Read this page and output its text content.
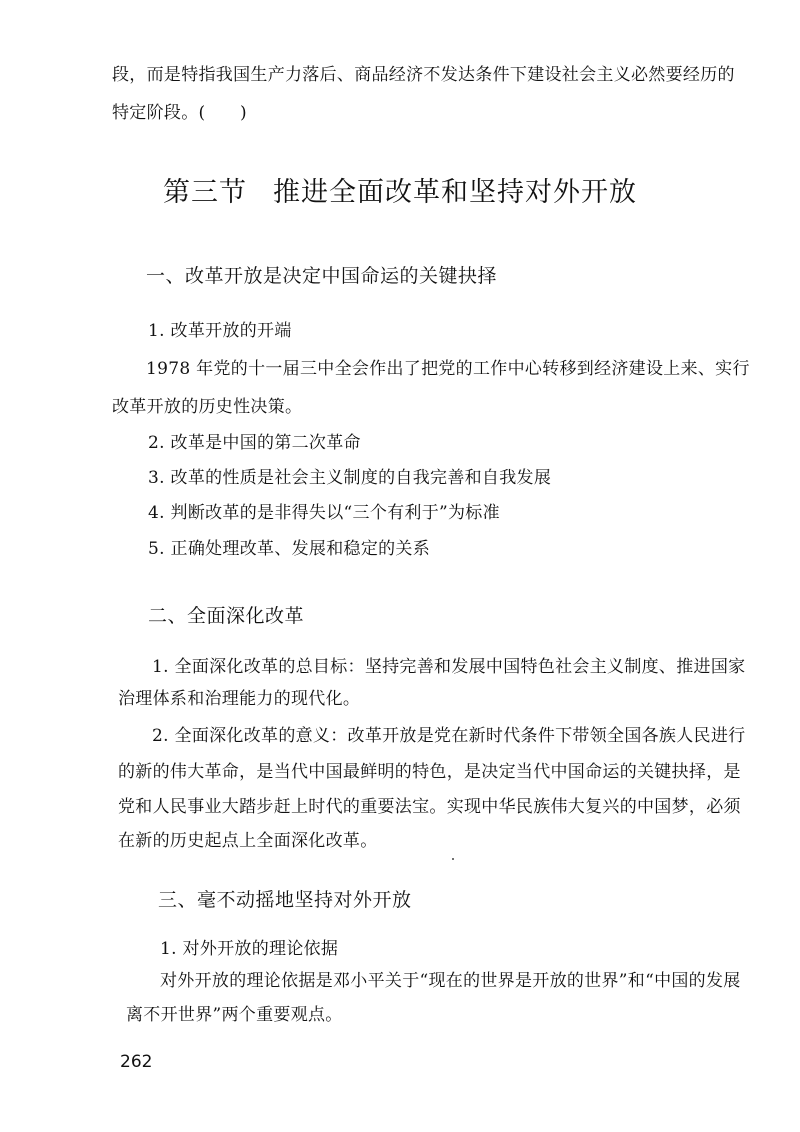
段，而是特指我国生产力落后、商品经济不发达条件下建设社会主义必然要经历的
特定阶段。(　　)
第三节 推进全面改革和坚持对外开放
一、改革开放是决定中国命运的关键抉择
1. 改革开放的开端
1978 年党的十一届三中全会作出了把党的工作中心转移到经济建设上来、实行
改革开放的历史性决策。
2. 改革是中国的第二次革命
3. 改革的性质是社会主义制度的自我完善和自我发展
4. 判断改革的是非得失以“三个有利于”为标准
5. 正确处理改革、发展和稳定的关系
二、全面深化改革
1. 全面深化改革的总目标：坚持完善和发展中国特色社会主义制度、推进国家
治理体系和治理能力的现代化。
2. 全面深化改革的意义：改革开放是党在新时代条件下带领全国各族人民进行
的新的伟大革命，是当代中国最鲜明的特色，是决定当代中国命运的关键抉择，是
党和人民事业大踏步赶上时代的重要法宝。实现中华民族伟大复兴的中国梦，必须
在新的历史起点上全面深化改革。
三、毫不动摇地坚持对外开放
1. 对外开放的理论依据
对外开放的理论依据是邓小平关于“现在的世界是开放的世界”和“中国的发展
离不开世界”两个重要观点。
262
